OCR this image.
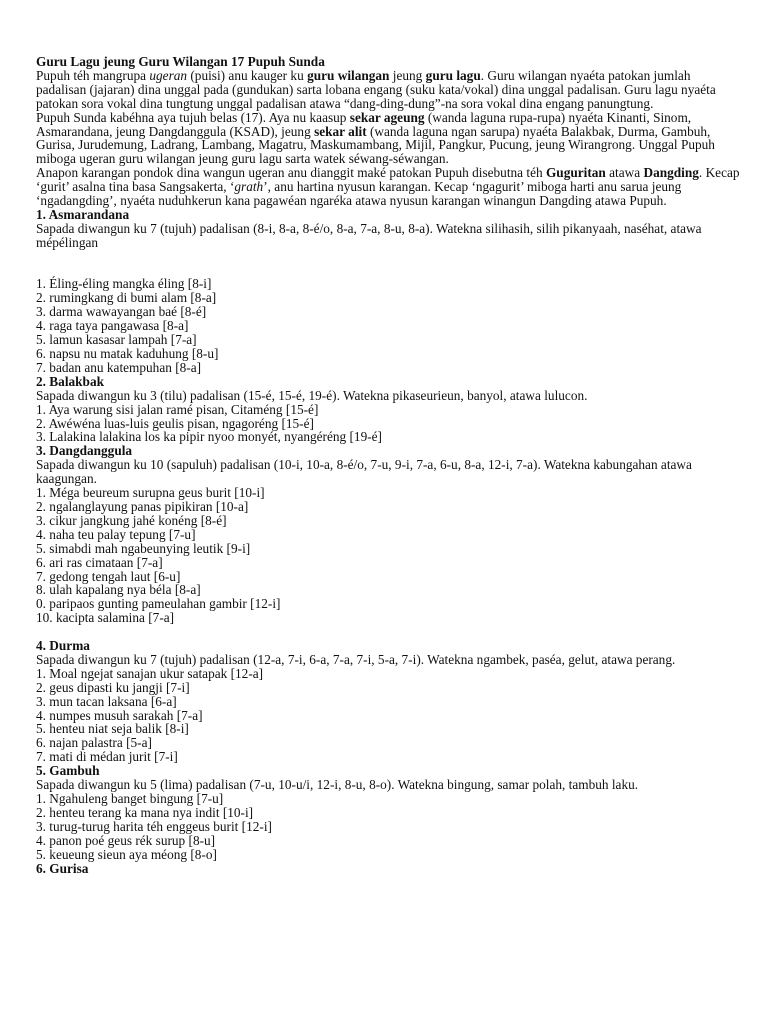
Guru Lagu jeung Guru Wilangan 17 Pupuh Sunda
Pupuh téh mangrupa ugeran (puisi) anu kauger ku guru wilangan jeung guru lagu. Guru wilangan nyaéta patokan jumlah padalisan (jajaran) dina unggal pada (gundukan) sarta lobana engang (suku kata/vokal) dina unggal padalisan. Guru lagu nyaéta patokan sora vokal dina tungtung unggal padalisan atawa “dang-ding-dung”-na sora vokal dina engang panungtung.
Pupuh Sunda kabéhna aya tujuh belas (17). Aya nu kaasup sekar ageung (wanda laguna rupa-rupa) nyaéta Kinanti, Sinom, Asmarandana, jeung Dangdanggula (KSAD), jeung sekar alit (wanda laguna ngan sarupa) nyaéta Balakbak, Durma, Gambuh, Gurisa, Jurudemung, Ladrang, Lambang, Magatru, Maskumambang, Mijil, Pangkur, Pucung, jeung Wirangrong. Unggal Pupuh miboga ugeran guru wilangan jeung guru lagu sarta watek séwang-séwangan.
Anapon karangan pondok dina wangun ugeran anu dianggit maké patokan Pupuh disebutna téh Guguritan atawa Dangding. Kecap ‘gurit’ asalna tina basa Sangsakerta, ‘grath’, anu hartina nyusun karangan. Kecap ‘ngagurit’ miboga harti anu sarua jeung ‘ngadangding’, nyaéta nuduhkerun kana pagawéan ngaréka atawa nyusun karangan winangun Dangding atawa Pupuh.
1. Asmarandana
Sapada diwangun ku 7 (tujuh) padalisan (8-i, 8-a, 8-é/o, 8-a, 7-a, 8-u, 8-a). Watekna silihasih, silih pikanyaah, naséhat, atawa mépélingan
1. Éling-éling mangka éling [8-i]
2. rumingkang di bumi alam [8-a]
3. darma wawayangan baé [8-é]
4. raga taya pangawasa [8-a]
5. lamun kasasar lampah [7-a]
6. napsu nu matak kaduhung [8-u]
7. badan anu katempuhan [8-a]
2. Balakbak
Sapada diwangun ku 3 (tilu) padalisan (15-é, 15-é, 19-é). Watekna pikaseurieun, banyol, atawa lulucon.
1. Aya warung sisi jalan ramé pisan, Citaméng [15-é]
2. Awéwéna luas-luis geulis pisan, ngagoréng [15-é]
3. Lalakina lalakina los ka pipir nyoo monyét, nyangéréng [19-é]
3. Dangdanggula
Sapada diwangun ku 10 (sapuluh) padalisan (10-i, 10-a, 8-é/o, 7-u, 9-i, 7-a, 6-u, 8-a, 12-i, 7-a). Watekna kabungahan atawa kaagungan.
1. Méga beureum surupna geus burit [10-i]
2. ngalanglayung panas pipikiran [10-a]
3. cikur jangkung jahé konéng [8-é]
4. naha teu palay tepung [7-u]
5. simabdi mah ngabeunying leutik [9-i]
6. ari ras cimataan [7-a]
7. gedong tengah laut [6-u]
8. ulah kapalang nya béla [8-a]
0. paripaos gunting pameulahan gambir [12-i]
10. kacipta salamina [7-a]
4. Durma
Sapada diwangun ku 7 (tujuh) padalisan (12-a, 7-i, 6-a, 7-a, 7-i, 5-a, 7-i). Watekna ngambek, paséa, gelut, atawa perang.
1. Moal ngejat sanajan ukur satapak [12-a]
2. geus dipasti ku jangji [7-i]
3. mun tacan laksana [6-a]
4. numpes musuh sarakah [7-a]
5. henteu niat seja balik [8-i]
6. najan palastra [5-a]
7. mati di médan jurit [7-i]
5. Gambuh
Sapada diwangun ku 5 (lima) padalisan (7-u, 10-u/i, 12-i, 8-u, 8-o). Watekna bingung, samar polah, tambuh laku.
1. Ngahuleng banget bingung [7-u]
2. henteu terang ka mana nya indit [10-i]
3. turug-turug harita téh enggeus burit [12-i]
4. panon poé geus rék surup [8-u]
5. keueung sieun aya méong [8-o]
6. Gurisa
